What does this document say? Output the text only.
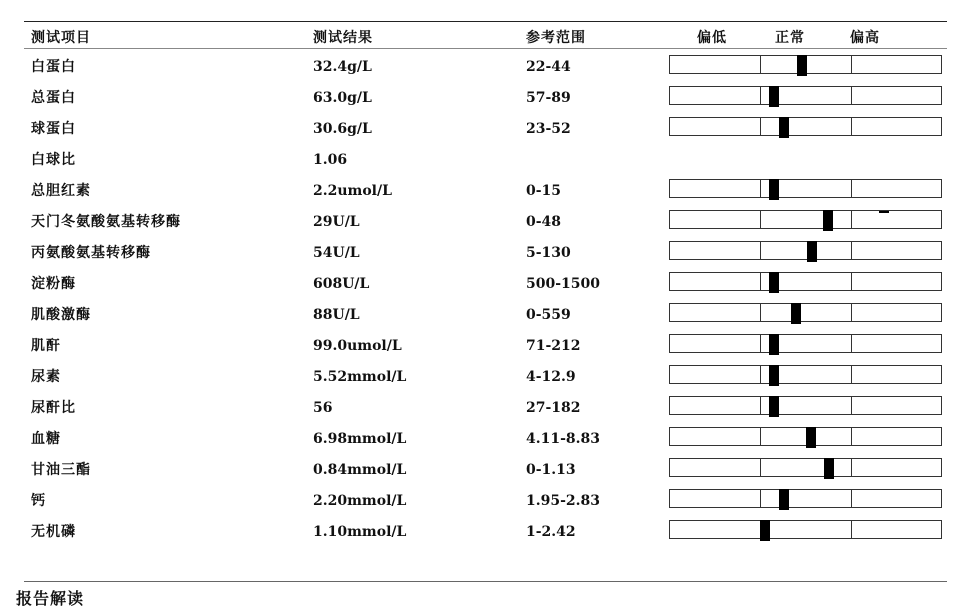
测试项目	测试结果	参考范围	偏低	正常	偏高
白蛋白	32.4g/L	22-44
总蛋白	63.0g/L	57-89
球蛋白	30.6g/L	23-52
白球比	1.06
总胆红素	2.2umol/L	0-15
天门冬氨酸氨基转移酶	29U/L	0-48
丙氨酸氨基转移酶	54U/L	5-130
淀粉酶	608U/L	500-1500
肌酸激酶	88U/L	0-559
肌酐	99.0umol/L	71-212
尿素	5.52mmol/L	4-12.9
尿酐比	56	27-182
血糖	6.98mmol/L	4.11-8.83
甘油三酯	0.84mmol/L	0-1.13
钙	2.20mmol/L	1.95-2.83
无机磷	1.10mmol/L	1-2.42
报告解读
